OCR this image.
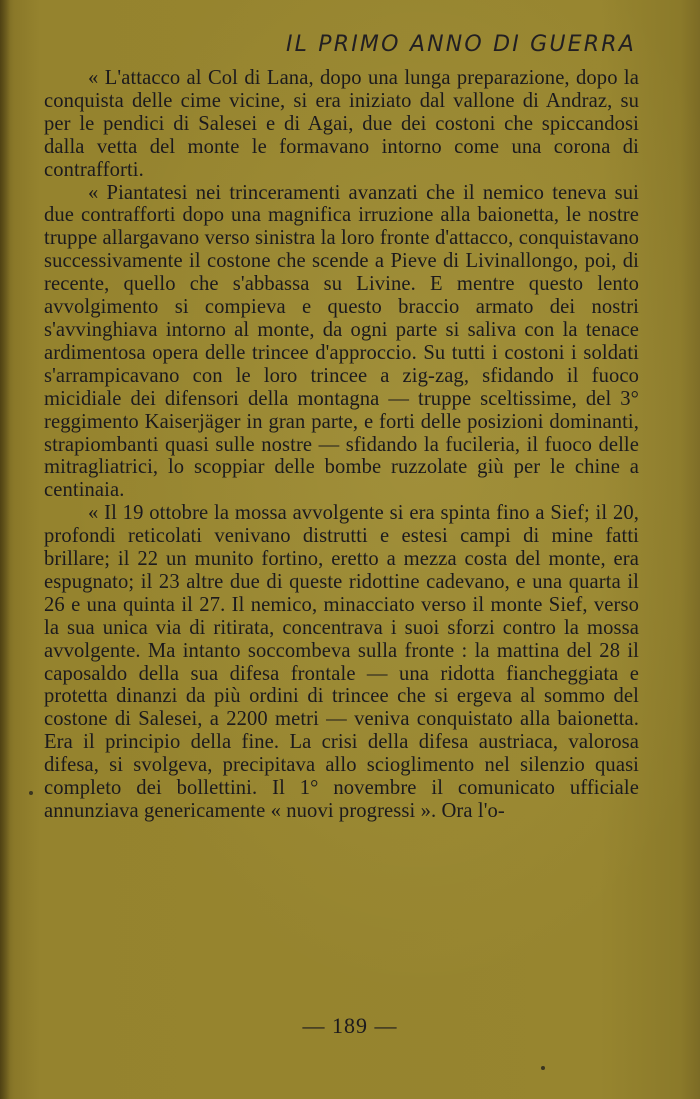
IL PRIMO ANNO DI GUERRA

« L'attacco al Col di Lana, dopo una lunga preparazione, dopo la conquista delle cime vicine, si era iniziato dal vallone di Andraz, su per le pendici di Salesei e di Agai, due dei costoni che spiccandosi dalla vetta del monte le formavano intorno come una corona di contrafforti.

« Piantatesi nei trinceramenti avanzati che il nemico teneva sui due contrafforti dopo una magnifica irruzione alla baionetta, le nostre truppe allargavano verso sinistra la loro fronte d'attacco, conquistavano successivamente il costone che scende a Pieve di Livinallongo, poi, di recente, quello che s'abbassa su Livine. E mentre questo lento avvolgimento si compieva e questo braccio armato dei nostri s'avvinghiava intorno al monte, da ogni parte si saliva con la tenace ardimentosa opera delle trincee d'approccio. Su tutti i costoni i soldati s'arrampicavano con le loro trincee a zig-zag, sfidando il fuoco micidiale dei difensori della montagna — truppe sceltissime, del 3° reggimento Kaiserjäger in gran parte, e forti delle posizioni dominanti, strapiombanti quasi sulle nostre — sfidando la fucileria, il fuoco delle mitragliatrici, lo scoppiar delle bombe ruzzolate giù per le chine a centinaia.

« Il 19 ottobre la mossa avvolgente si era spinta fino a Sief; il 20, profondi reticolati venivano distrutti e estesi campi di mine fatti brillare; il 22 un munito fortino, eretto a mezza costa del monte, era espugnato; il 23 altre due di queste ridottine cadevano, e una quarta il 26 e una quinta il 27. Il nemico, minacciato verso il monte Sief, verso la sua unica via di ritirata, concentrava i suoi sforzi contro la mossa avvolgente. Ma intanto soccombeva sulla fronte : la mattina del 28 il caposaldo della sua difesa frontale — una ridotta fiancheggiata e protetta dinanzi da più ordini di trincee che si ergeva al sommo del costone di Salesei, a 2200 metri — veniva conquistato alla baionetta. Era il principio della fine. La crisi della difesa austriaca, valorosa difesa, si svolgeva, precipitava allo scioglimento nel silenzio quasi completo dei bollettini. Il 1° novembre il comunicato ufficiale annunziava genericamente « nuovi progressi ». Ora l'o-

— 189 —
